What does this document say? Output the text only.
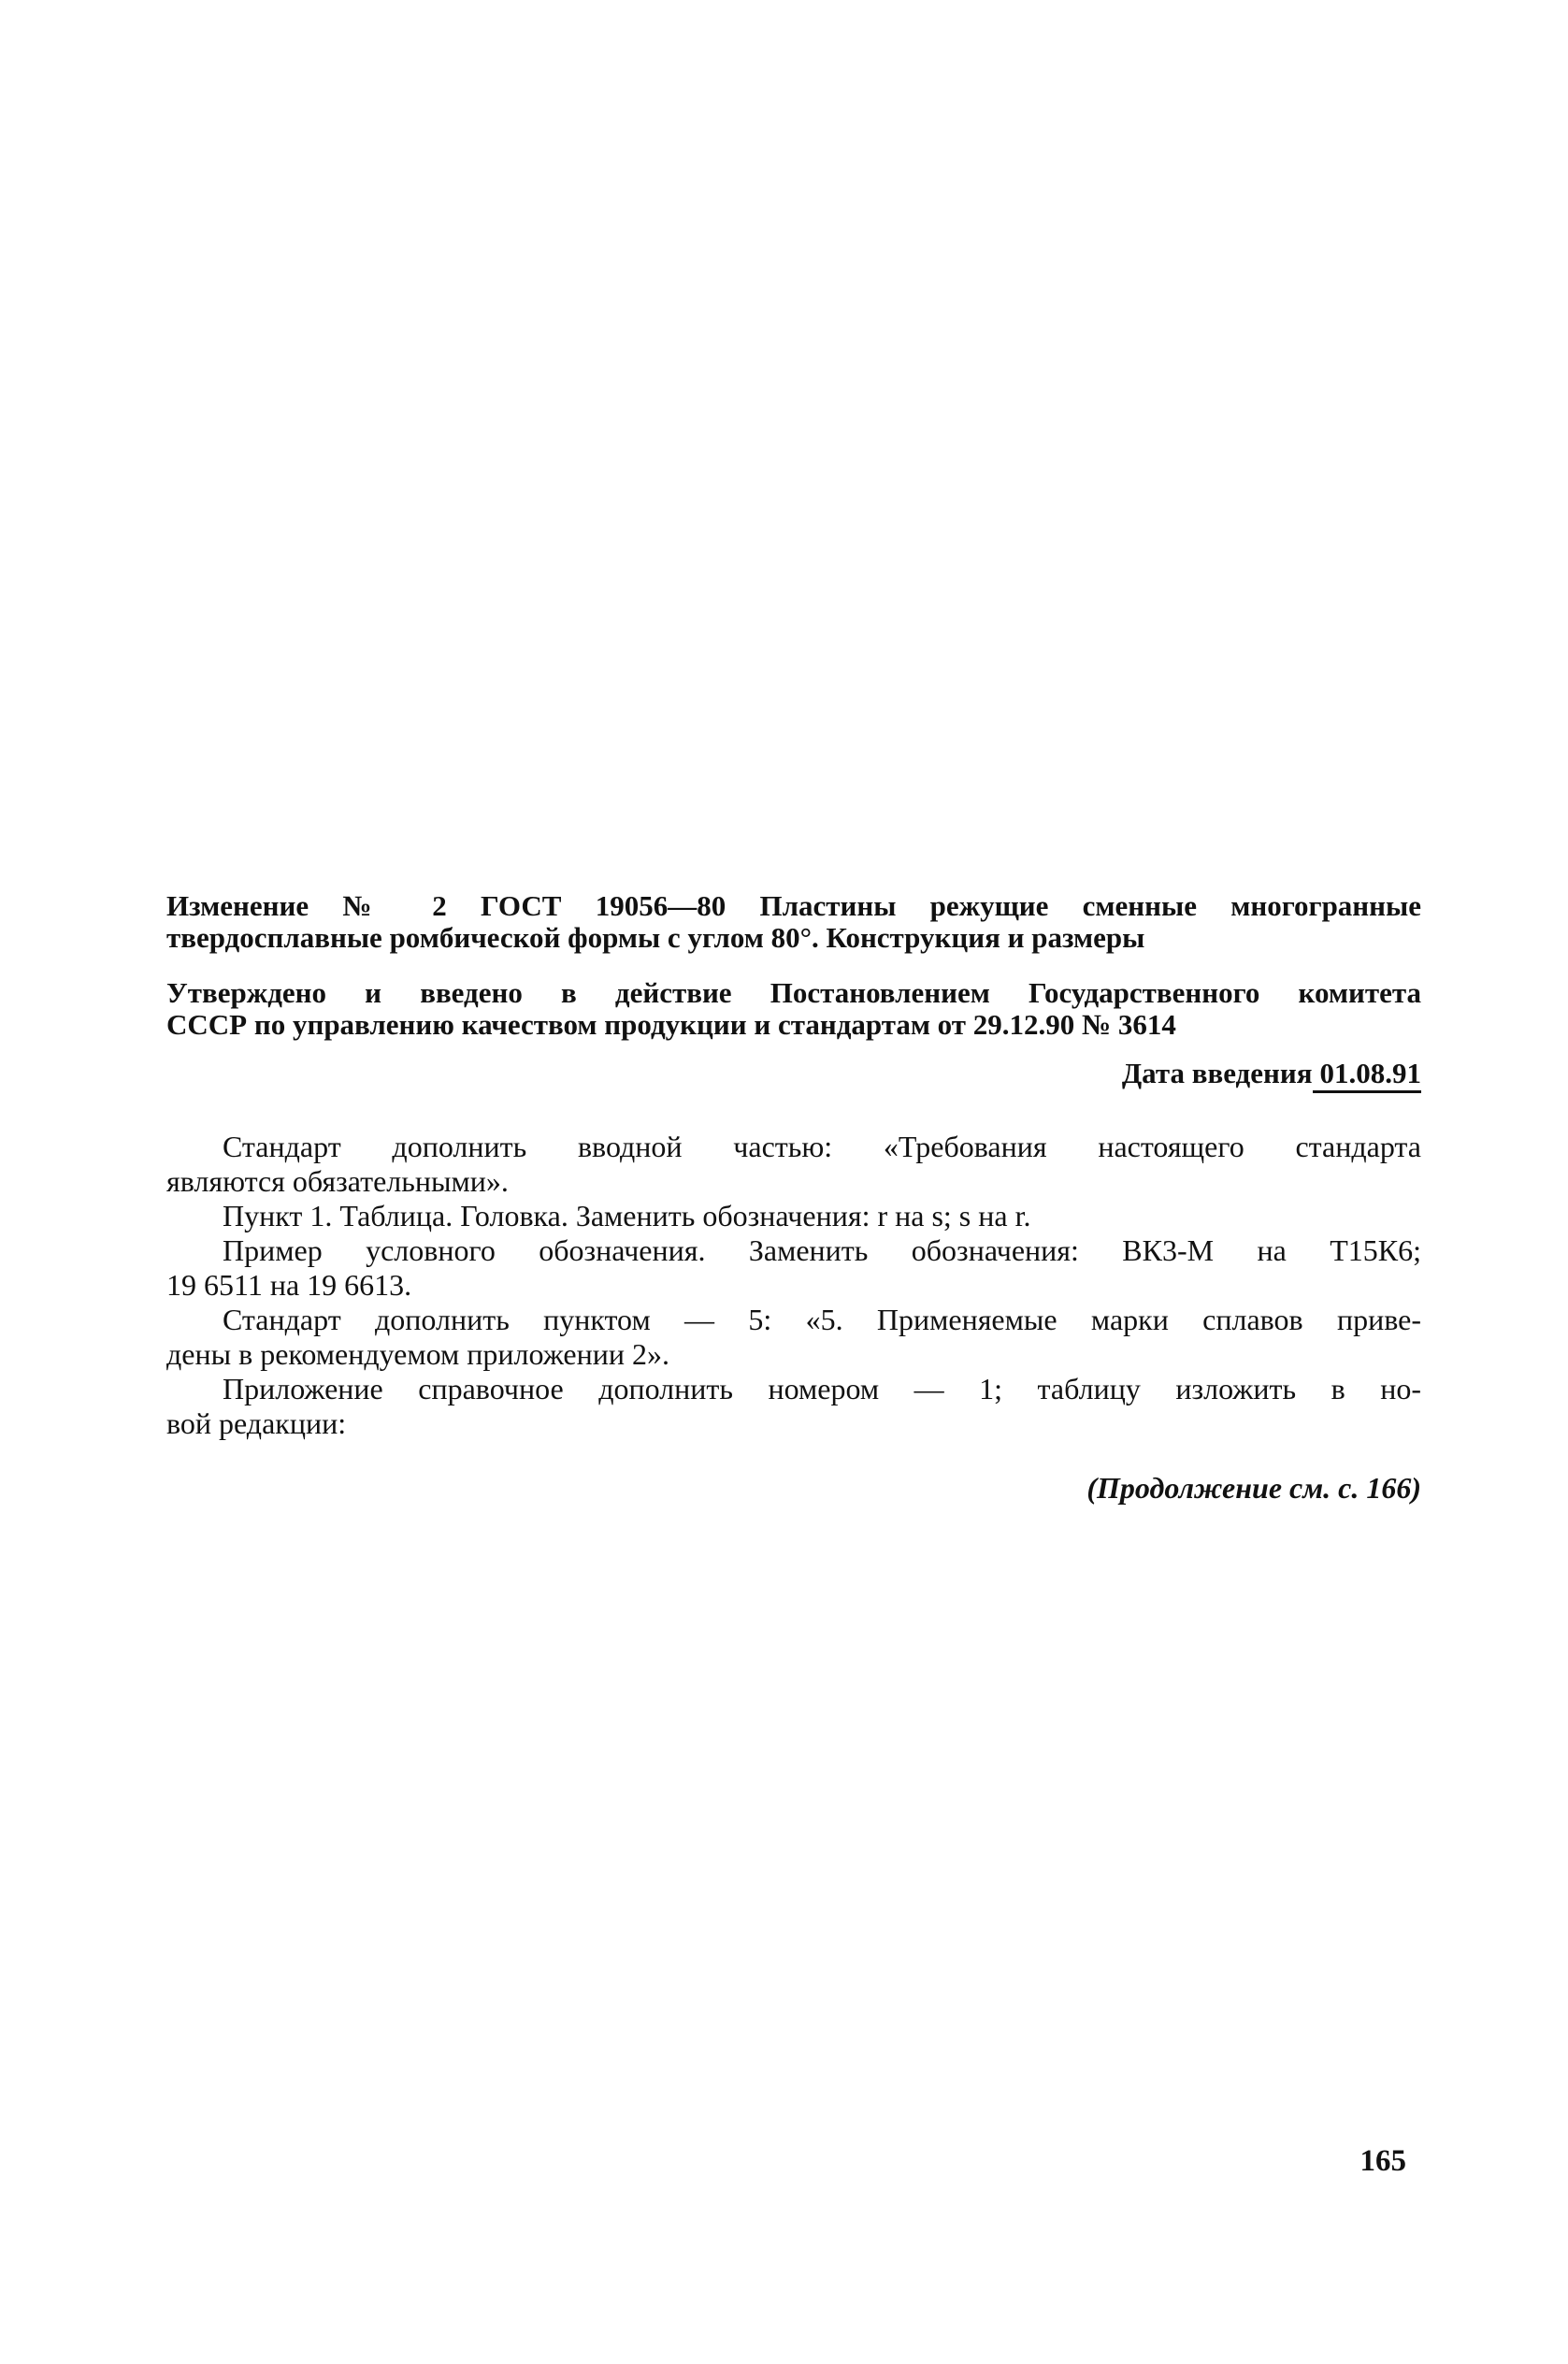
Изменение № 2 ГОСТ 19056—80 Пластины режущие сменные многогранные
твердосплавные ромбической формы с углом 80°. Конструкция и размеры
Утверждено и введено в действие Постановлением Государственного комитета
СССР по управлению качеством продукции и стандартам от 29.12.90 № 3614
Дата введения 01.08.91

Стандарт дополнить вводной частью: «Требования настоящего стандарта
являются обязательными».

Пункт 1. Таблица. Головка. Заменить обозначения: r на s; s на r.

Пример условного обозначения. Заменить обозначения: ВК3-М на Т15К6;
19 6511 на 19 6613.

Стандарт дополнить пунктом — 5: «5. Применяемые марки сплавов приве-
дены в рекомендуемом приложении 2».

Приложение справочное дополнить номером — 1; таблицу изложить в но-
вой редакции:

(Продолжение см. с. 166)
165
